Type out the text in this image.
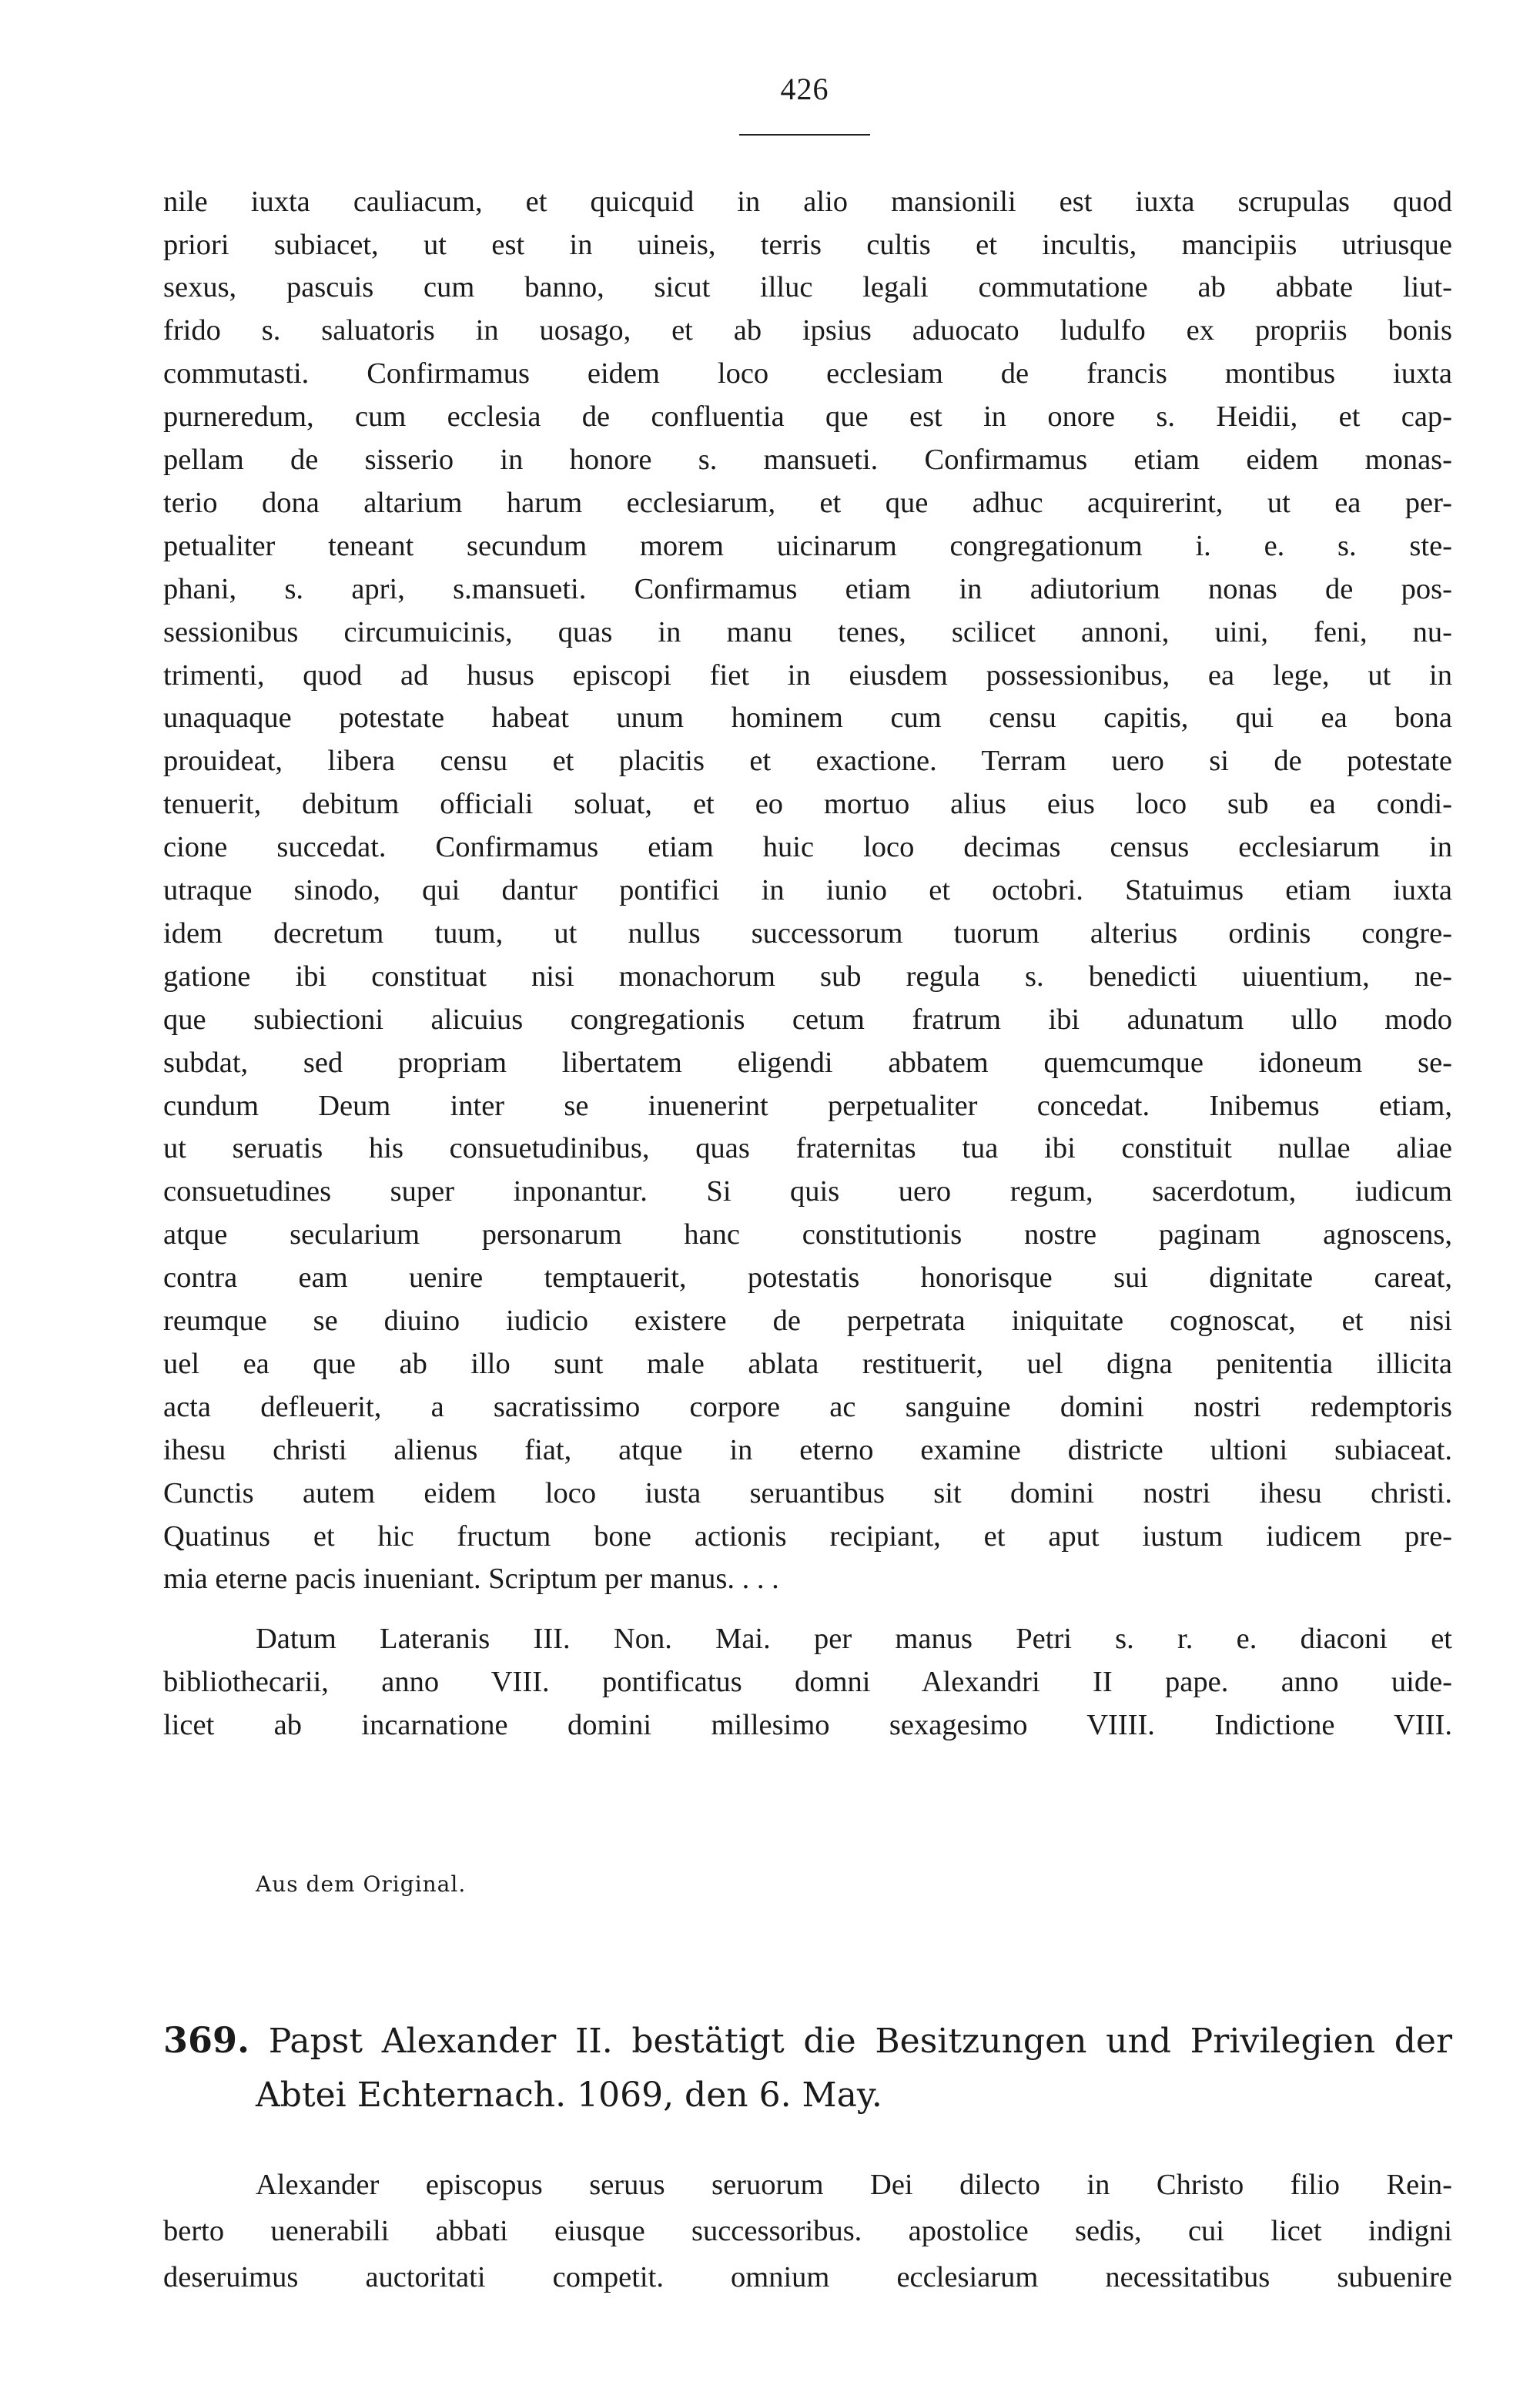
426
nile iuxta cauliacum, et quicquid in alio mansionili est iuxta scrupulas quod
priori subiacet, ut est in uineis, terris cultis et incultis, mancipiis utriusque
sexus, pascuis cum banno, sicut illuc legali commutatione ab abbate liut-
frido s. saluatoris in uosago, et ab ipsius aduocato ludulfo ex propriis bonis
commutasti. Confirmamus eidem loco ecclesiam de francis montibus iuxta
purneredum, cum ecclesia de confluentia que est in onore s. Heidii, et cap-
pellam de sisserio in honore s. mansueti. Confirmamus etiam eidem monas-
terio dona altarium harum ecclesiarum, et que adhuc acquirerint, ut ea per-
petualiter teneant secundum morem uicinarum congregationum i. e. s. ste-
phani, s. apri, s.mansueti. Confirmamus etiam in adiutorium nonas de pos-
sessionibus circumuicinis, quas in manu tenes, scilicet annoni, uini, feni, nu-
trimenti, quod ad husus episcopi fiet in eiusdem possessionibus, ea lege, ut in
unaquaque potestate habeat unum hominem cum censu capitis, qui ea bona
prouideat, libera censu et placitis et exactione. Terram uero si de potestate
tenuerit, debitum officiali soluat, et eo mortuo alius eius loco sub ea condi-
cione succedat. Confirmamus etiam huic loco decimas census ecclesiarum in
utraque sinodo, qui dantur pontifici in iunio et octobri. Statuimus etiam iuxta
idem decretum tuum, ut nullus successorum tuorum alterius ordinis congre-
gatione ibi constituat nisi monachorum sub regula s. benedicti uiuentium, ne-
que subiectioni alicuius congregationis cetum fratrum ibi adunatum ullo modo
subdat, sed propriam libertatem eligendi abbatem quemcumque idoneum se-
cundum Deum inter se inuenerint perpetualiter concedat. Inibemus etiam,
ut seruatis his consuetudinibus, quas fraternitas tua ibi constituit nullae aliae
consuetudines super inponantur. Si quis uero regum, sacerdotum, iudicum
atque secularium personarum hanc constitutionis nostre paginam agnoscens,
contra eam uenire temptauerit, potestatis honorisque sui dignitate careat,
reumque se diuino iudicio existere de perpetrata iniquitate cognoscat, et nisi
uel ea que ab illo sunt male ablata restituerit, uel digna penitentia illicita
acta defleuerit, a sacratissimo corpore ac sanguine domini nostri redemptoris
ihesu christi alienus fiat, atque in eterno examine districte ultioni subiaceat.
Cunctis autem eidem loco iusta seruantibus sit domini nostri ihesu christi.
Quatinus et hic fructum bone actionis recipiant, et aput iustum iudicem pre-
mia eterne pacis inueniant. Scriptum per manus. . . .
Datum Lateranis III. Non. Mai. per manus Petri s. r. e. diaconi et
bibliothecarii, anno VIII. pontificatus domni Alexandri II pape. anno uide-
licet ab incarnatione domini millesimo sexagesimo VIIII. Indictione VIII.
Aus dem Original.
369. Papst Alexander II. bestätigt die Besitzungen und Privilegien der
Abtei Echternach. 1069, den 6. May.
Alexander episcopus seruus seruorum Dei dilecto in Christo filio Rein-
berto uenerabili abbati eiusque successoribus. apostolice sedis, cui licet indigni
deseruimus auctoritati competit. omnium ecclesiarum necessitatibus subuenire
